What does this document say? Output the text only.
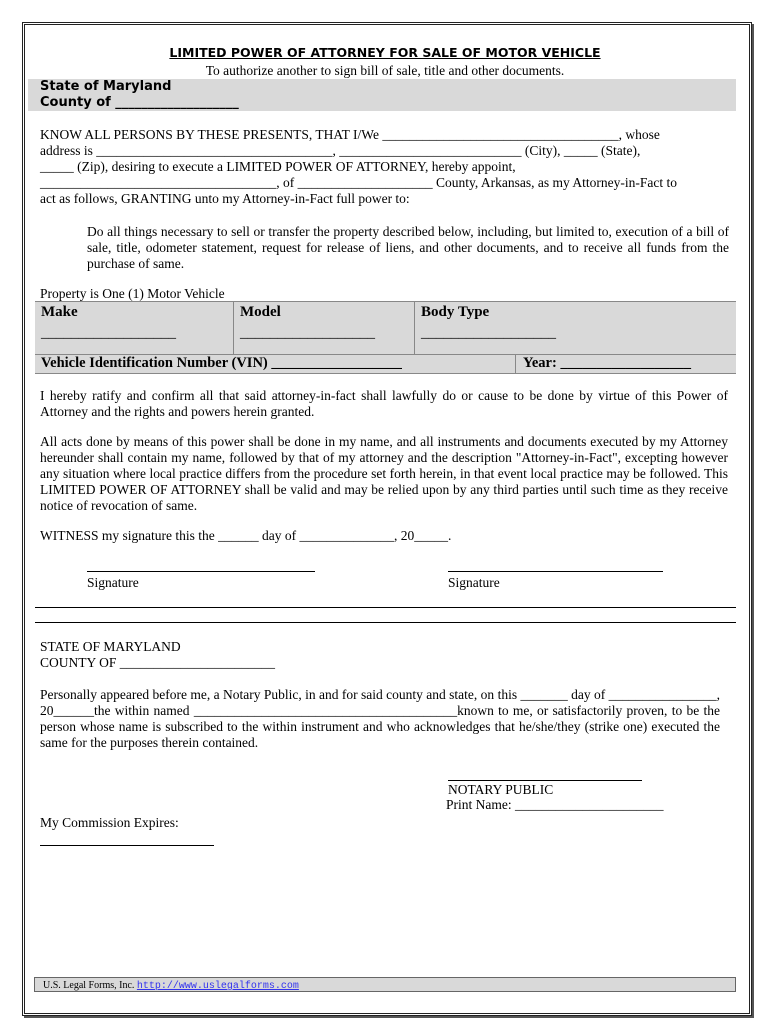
LIMITED POWER OF ATTORNEY FOR SALE OF MOTOR VEHICLE
To authorize another to sign bill of sale, title and other documents.
State of Maryland
County of ___________________
KNOW ALL PERSONS BY THESE PRESENTS, THAT I/We ___________________________________, whose
address is ___________________________________, ___________________________ (City), _____ (State),
_____ (Zip), desiring to execute a LIMITED POWER OF ATTORNEY, hereby appoint,
___________________________________, of ____________________ County, Arkansas, as my Attorney-in-Fact to
act as follows, GRANTING unto my Attorney-in-Fact full power to:
Do all things necessary to sell or transfer the property described below, including, but limited to, execution of a bill of sale, title, odometer statement, request for release of liens, and other documents, and to receive all funds from the purchase of same.
Property is One (1) Motor Vehicle
Make
__________________
Model
__________________
Body Type
__________________
Vehicle Identification Number (VIN) __________________	Year: __________________
I hereby ratify and confirm all that said attorney-in-fact shall lawfully do or cause to be done by virtue of this Power of Attorney and the rights and powers herein granted.
All acts done by means of this power shall be done in my name, and all instruments and documents executed by my Attorney hereunder shall contain my name, followed by that of my attorney and the description "Attorney-in-Fact", excepting however any situation where local practice differs from the procedure set forth herein, in that event local practice may be followed. This LIMITED POWER OF ATTORNEY shall be valid and may be relied upon by any third parties until such time as they receive notice of revocation of same.
WITNESS my signature this the ______ day of ______________, 20_____.
Signature	Signature
STATE OF MARYLAND
COUNTY OF _______________________
Personally appeared before me, a Notary Public, in and for said county and state, on this _______ day of ________________, 20______the within named _______________________________________known to me, or satisfactorily proven, to be the person whose name is subscribed to the within instrument and who acknowledges that he/she/they (strike one) executed the same for the purposes therein contained.
NOTARY PUBLIC
Print Name: ______________________
My Commission Expires:
U.S. Legal Forms, Inc. http://www.uslegalforms.com
